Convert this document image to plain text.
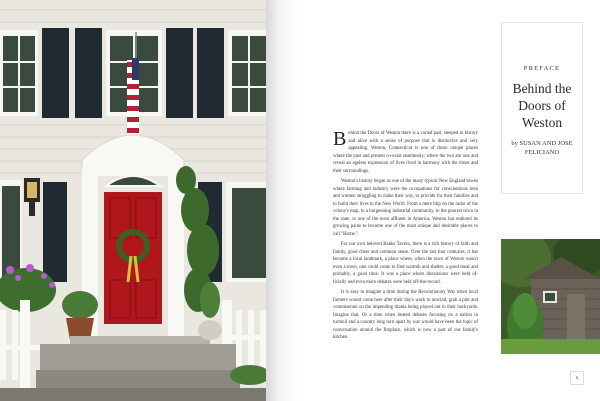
PREFACE
Behind the
Doors of
Weston
by SUSAN AND JOSE FELICIANO

Behind the Doors of Weston there is a varied past, steeped in history and alive with a sense of purpose that is distinctive and very appealing. Weston, Connecticut is one of those unique places where the past and present co-exist seamlessly; where the two are one and reveal an ageless expression of lives lived in harmony with the times and their surroundings.

Weston's history began as one of the many typical New England towns where farming and industry were the occupations for conscientious men and women struggling to make their way, to provide for their families and to build their lives in the New World. From a mere blip on the radar of the colony's map, to a burgeoning industrial community, to the poorest town in the state, to one of the most affluent in America, Weston has endured its growing pains to become one of the most unique and desirable places to call "Home."

For our own beloved Banks Tavern, there is a rich history of faith and family, good cheer and common sense. Over the last four centuries, it has become a local landmark, a place where, when the town of Weston wasn't even a town, one could come to find warmth and shelter, a good meal and probably, a good time. It was a place where discussions were held of-ficially and even more debates were held off-the-record.

It is easy to imagine a time during the Revolutionary War when local farmers would come here after their day's work to unwind, grab a pint and commiserate on the impending drama being played out in their backyards. Imagine that. Or a time when heated debates focusing on a nation in turmoil and a country long torn apart by war would have been the topic of conversation around the fireplace, which is now a part of our family's kitchen.

x
